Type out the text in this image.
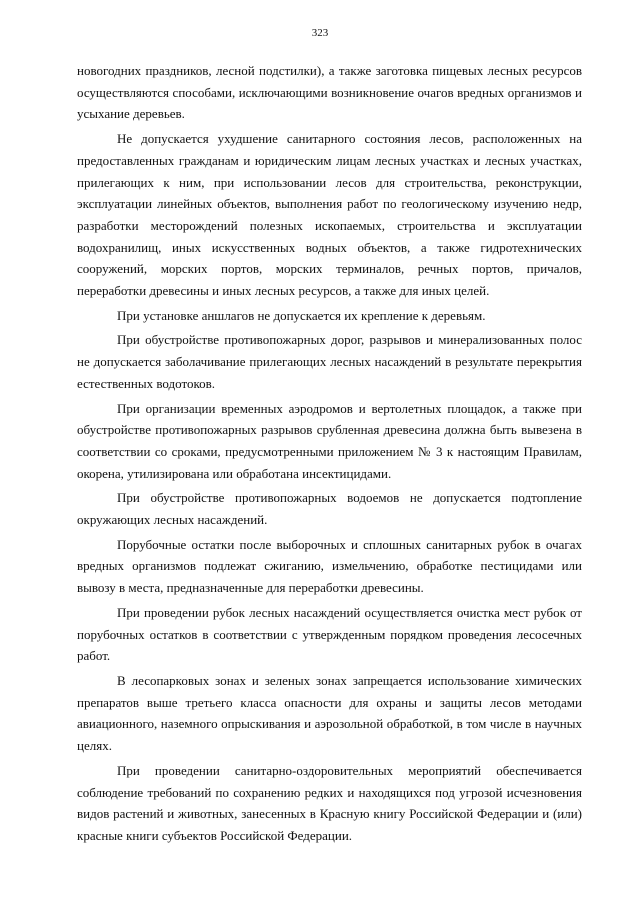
323

новогодних праздников, лесной подстилки), а также заготовка пищевых лесных ресурсов осуществляются способами, исключающими возникновение очагов вредных организмов и усыхание деревьев.

Не допускается ухудшение санитарного состояния лесов, расположенных на предоставленных гражданам и юридическим лицам лесных участках и лесных участках, прилегающих к ним, при использовании лесов для строительства, реконструкции, эксплуатации линейных объектов, выполнения работ по геологическому изучению недр, разработки месторождений полезных ископаемых, строительства и эксплуатации водохранилищ, иных искусственных водных объектов, а также гидротехнических сооружений, морских портов, морских терминалов, речных портов, причалов, переработки древесины и иных лесных ресурсов, а также для иных целей.

При установке аншлагов не допускается их крепление к деревьям.

При обустройстве противопожарных дорог, разрывов и минерализованных полос не допускается заболачивание прилегающих лесных насаждений в результате перекрытия естественных водотоков.

При организации временных аэродромов и вертолетных площадок, а также при обустройстве противопожарных разрывов срубленная древесина должна быть вывезена в соответствии со сроками, предусмотренными приложением № 3 к настоящим Правилам, окорена, утилизирована или обработана инсектицидами.

При обустройстве противопожарных водоемов не допускается подтопление окружающих лесных насаждений.

Порубочные остатки после выборочных и сплошных санитарных рубок в очагах вредных организмов подлежат сжиганию, измельчению, обработке пестицидами или вывозу в места, предназначенные для переработки древесины.

При проведении рубок лесных насаждений осуществляется очистка мест рубок от порубочных остатков в соответствии с утвержденным порядком проведения лесосечных работ.

В лесопарковых зонах и зеленых зонах запрещается использование химических препаратов выше третьего класса опасности для охраны и защиты лесов методами авиационного, наземного опрыскивания и аэрозольной обработкой, в том числе в научных целях.

При проведении санитарно-оздоровительных мероприятий обеспечивается соблюдение требований по сохранению редких и находящихся под угрозой исчезновения видов растений и животных, занесенных в Красную книгу Российской Федерации и (или) красные книги субъектов Российской Федерации.
